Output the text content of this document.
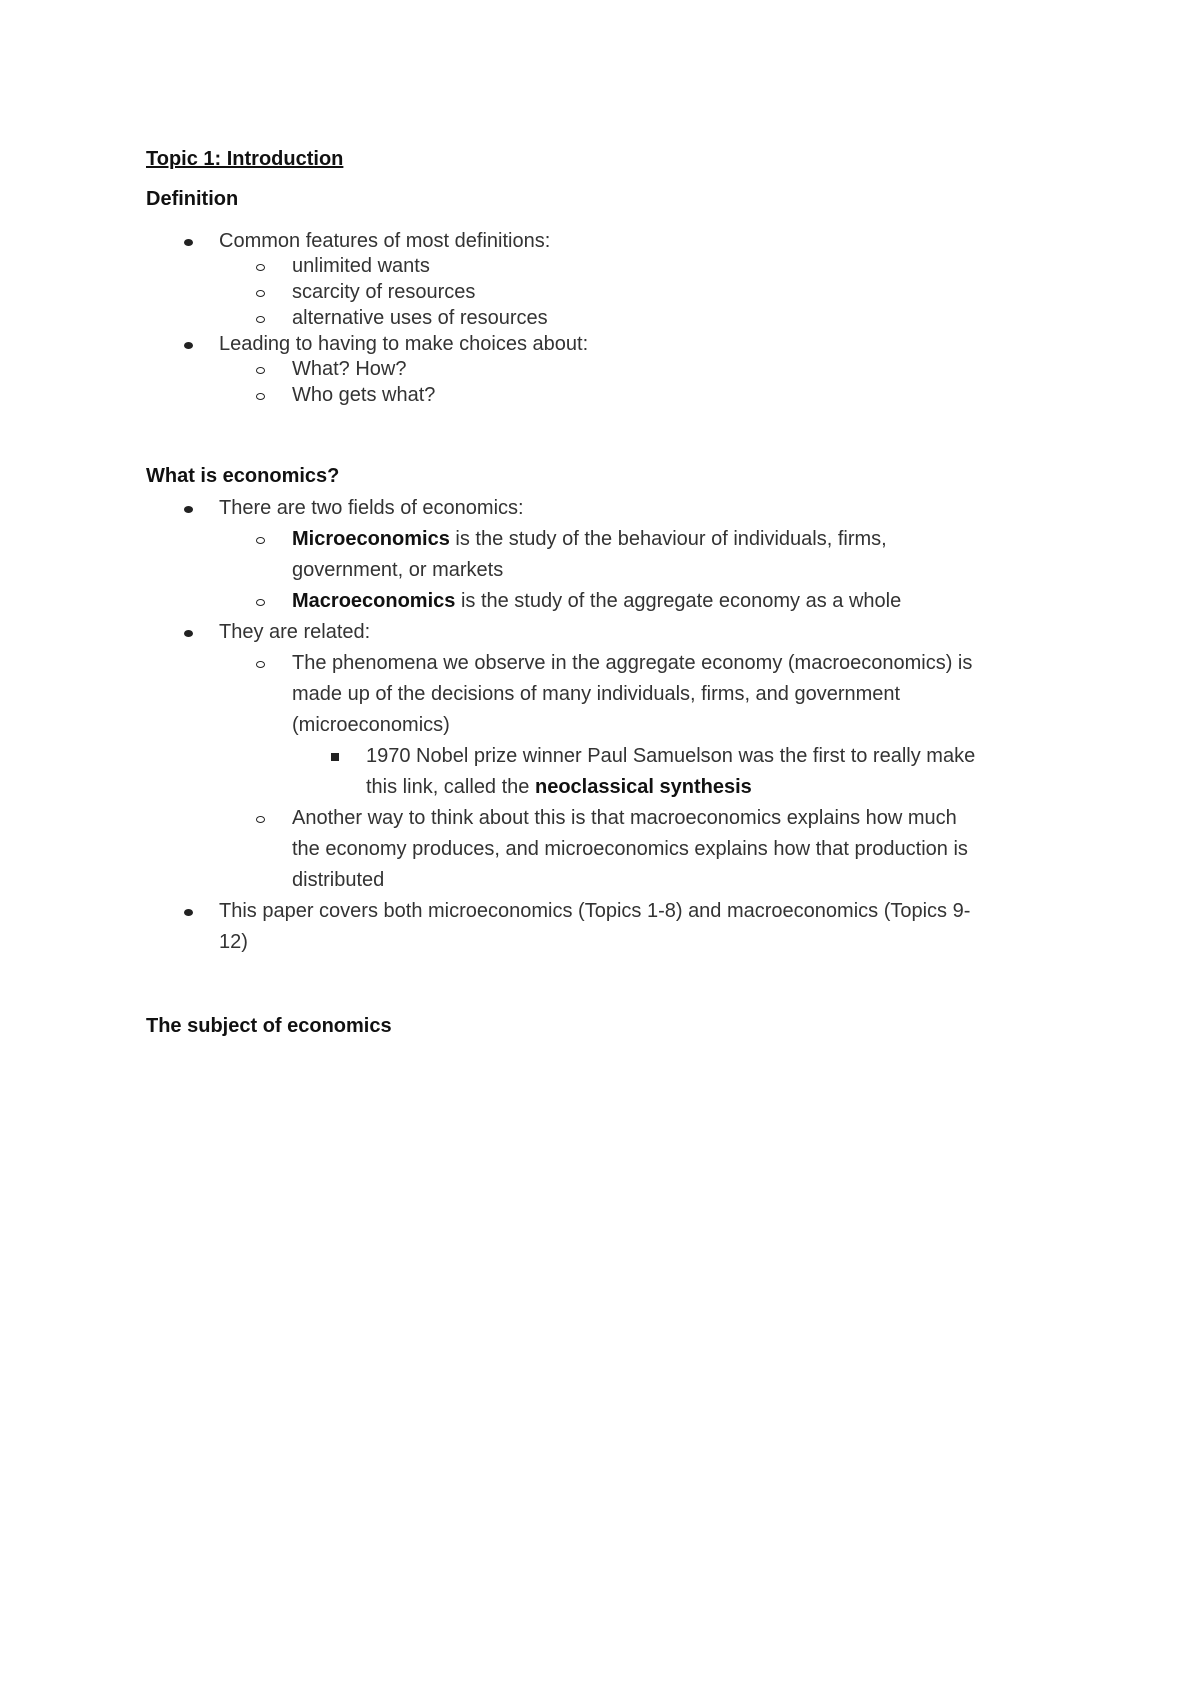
Topic 1: Introduction
Definition
Common features of most definitions:
unlimited wants
scarcity of resources
alternative uses of resources
Leading to having to make choices about:
What? How?
Who gets what?
What is economics?
There are two fields of economics:
Microeconomics is the study of the behaviour of individuals, firms,
government, or markets
Macroeconomics is the study of the aggregate economy as a whole
They are related:
The phenomena we observe in the aggregate economy (macroeconomics) is
made up of the decisions of many individuals, firms, and government
(microeconomics)
1970 Nobel prize winner Paul Samuelson was the first to really make
this link, called the neoclassical synthesis
Another way to think about this is that macroeconomics explains how much
the economy produces, and microeconomics explains how that production is
distributed
This paper covers both microeconomics (Topics 1-8) and macroeconomics (Topics 9-
12)
The subject of economics
